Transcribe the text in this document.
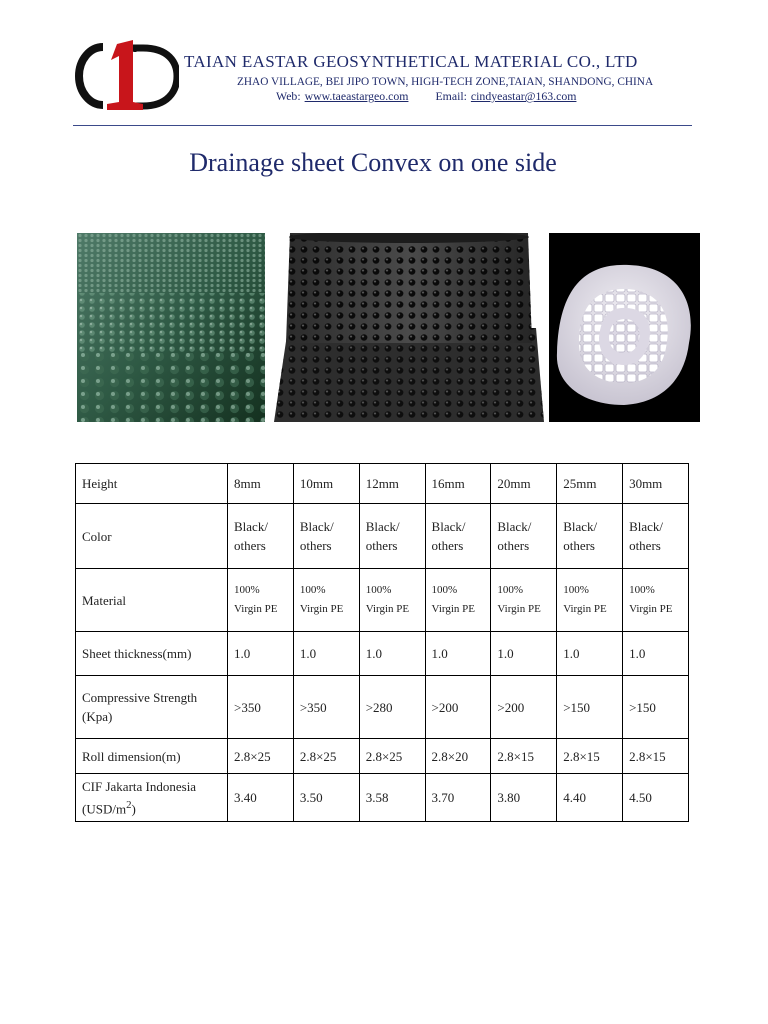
TAIAN EASTAR GEOSYNTHETICAL MATERIAL CO., LTD
ZHAO VILLAGE, BEI JIPO TOWN, HIGH-TECH ZONE,TAIAN, SHANDONG, CHINA
Web: www.taeastargeo.com Email: cindyeastar@163.com
Drainage sheet Convex on one side
Height	8mm	10mm	12mm	16mm	20mm	25mm	30mm
Color	Black/ others	Black/ others	Black/ others	Black/ others	Black/ others	Black/ others	Black/ others
Material	100% Virgin PE	100% Virgin PE	100% Virgin PE	100% Virgin PE	100% Virgin PE	100% Virgin PE	100% Virgin PE
Sheet thickness(mm)	1.0	1.0	1.0	1.0	1.0	1.0	1.0
Compressive Strength (Kpa)	>350	>350	>280	>200	>200	>150	>150
Roll dimension(m)	2.8×25	2.8×25	2.8×25	2.8×20	2.8×15	2.8×15	2.8×15
CIF Jakarta Indonesia $(USD/m^2)$	3.40	3.50	3.58	3.70	3.80	4.40	4.50
